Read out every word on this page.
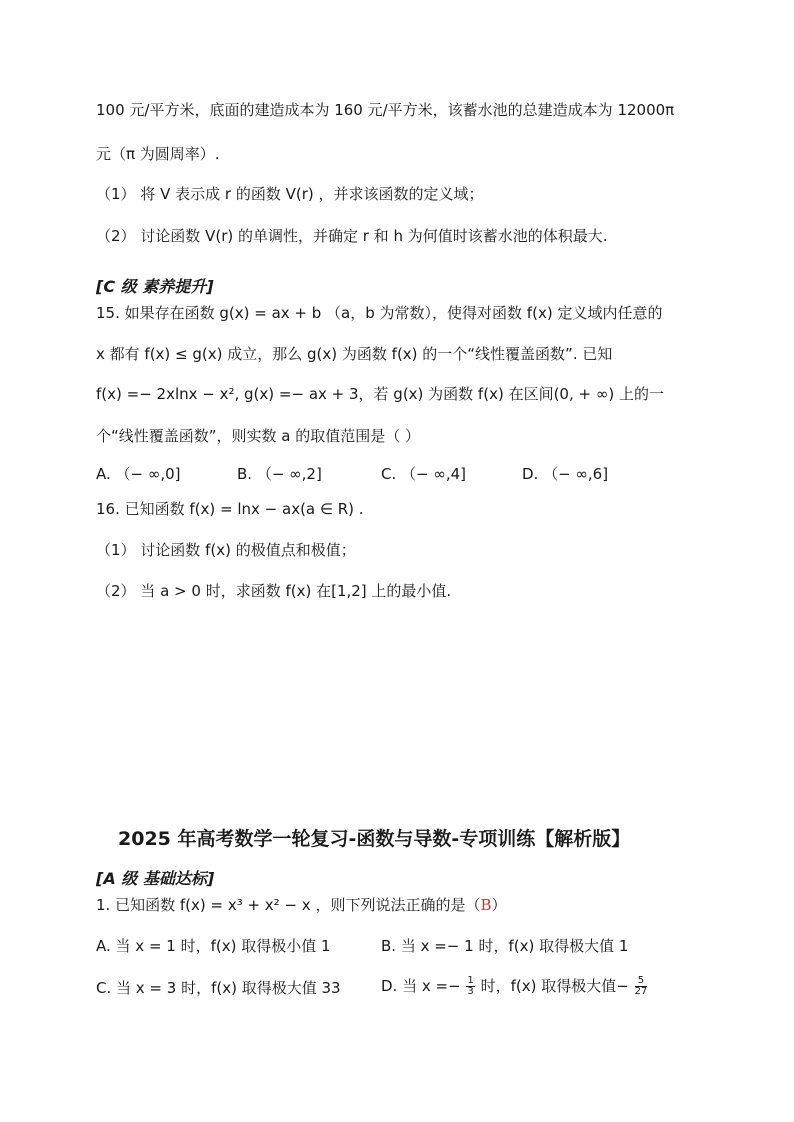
100 元/平方米，底面的建造成本为 160 元/平方米，该蓄水池的总建造成本为 12000π
元（π 为圆周率）.
（1） 将 V 表示成 r 的函数 V(r) ，并求该函数的定义域；
（2） 讨论函数 V(r) 的单调性，并确定 r 和 h 为何值时该蓄水池的体积最大.
[C 级 素养提升]
15. 如果存在函数 g(x) = ax + b （a，b 为常数），使得对函数 f(x) 定义域内任意的
x 都有 f(x) ≤ g(x) 成立，那么 g(x) 为函数 f(x) 的一个“线性覆盖函数”. 已知
f(x) =− 2xlnx − x², g(x) =− ax + 3，若 g(x) 为函数 f(x) 在区间(0, + ∞) 上的一
个“线性覆盖函数”，则实数 a 的取值范围是（ ）
A. （− ∞,0]	B. （− ∞,2]	C. （− ∞,4]	D. （− ∞,6]
16. 已知函数 f(x) = lnx − ax(a ∈ R) .
（1） 讨论函数 f(x) 的极值点和极值；
（2） 当 a > 0 时，求函数 f(x) 在[1,2] 上的最小值.
2025 年高考数学一轮复习-函数与导数-专项训练【解析版】
[A 级 基础达标]
1. 已知函数 f(x) = x³ + x² − x ，则下列说法正确的是（B）
A. 当 x = 1 时，f(x) 取得极小值 1	B. 当 x =− 1 时，f(x) 取得极大值 1
C. 当 x = 3 时，f(x) 取得极大值 33	D. 当 $x =- \frac{1}{3}$ 时，f(x) 取得极大值− $\frac{5}{27}$
